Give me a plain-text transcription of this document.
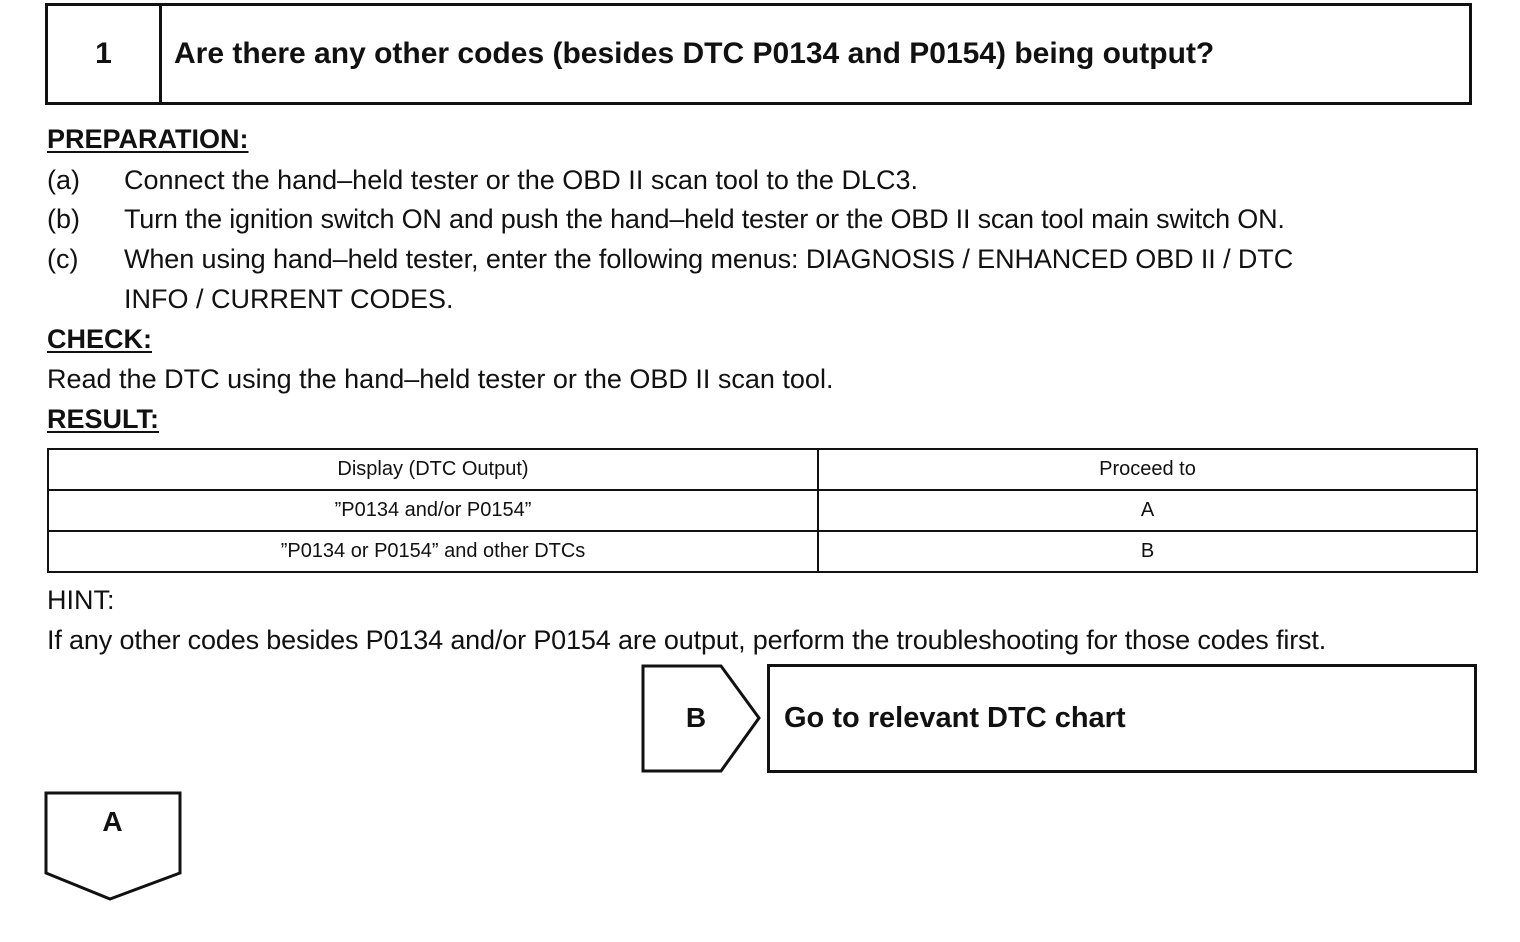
1	Are there any other codes (besides DTC P0134 and P0154) being output?
PREPARATION:
(a) Connect the hand–held tester or the OBD II scan tool to the DLC3.
(b) Turn the ignition switch ON and push the hand–held tester or the OBD II scan tool main switch ON.
(c) When using hand–held tester, enter the following menus: DIAGNOSIS / ENHANCED OBD II / DTC
INFO / CURRENT CODES.
CHECK:
Read the DTC using the hand–held tester or the OBD II scan tool.
RESULT:
Display (DTC Output)	Proceed to
”P0134 and/or P0154”	A
”P0134 or P0154” and other DTCs	B
HINT:
If any other codes besides P0134 and/or P0154 are output, perform the troubleshooting for those codes first.
B	Go to relevant DTC chart
A
